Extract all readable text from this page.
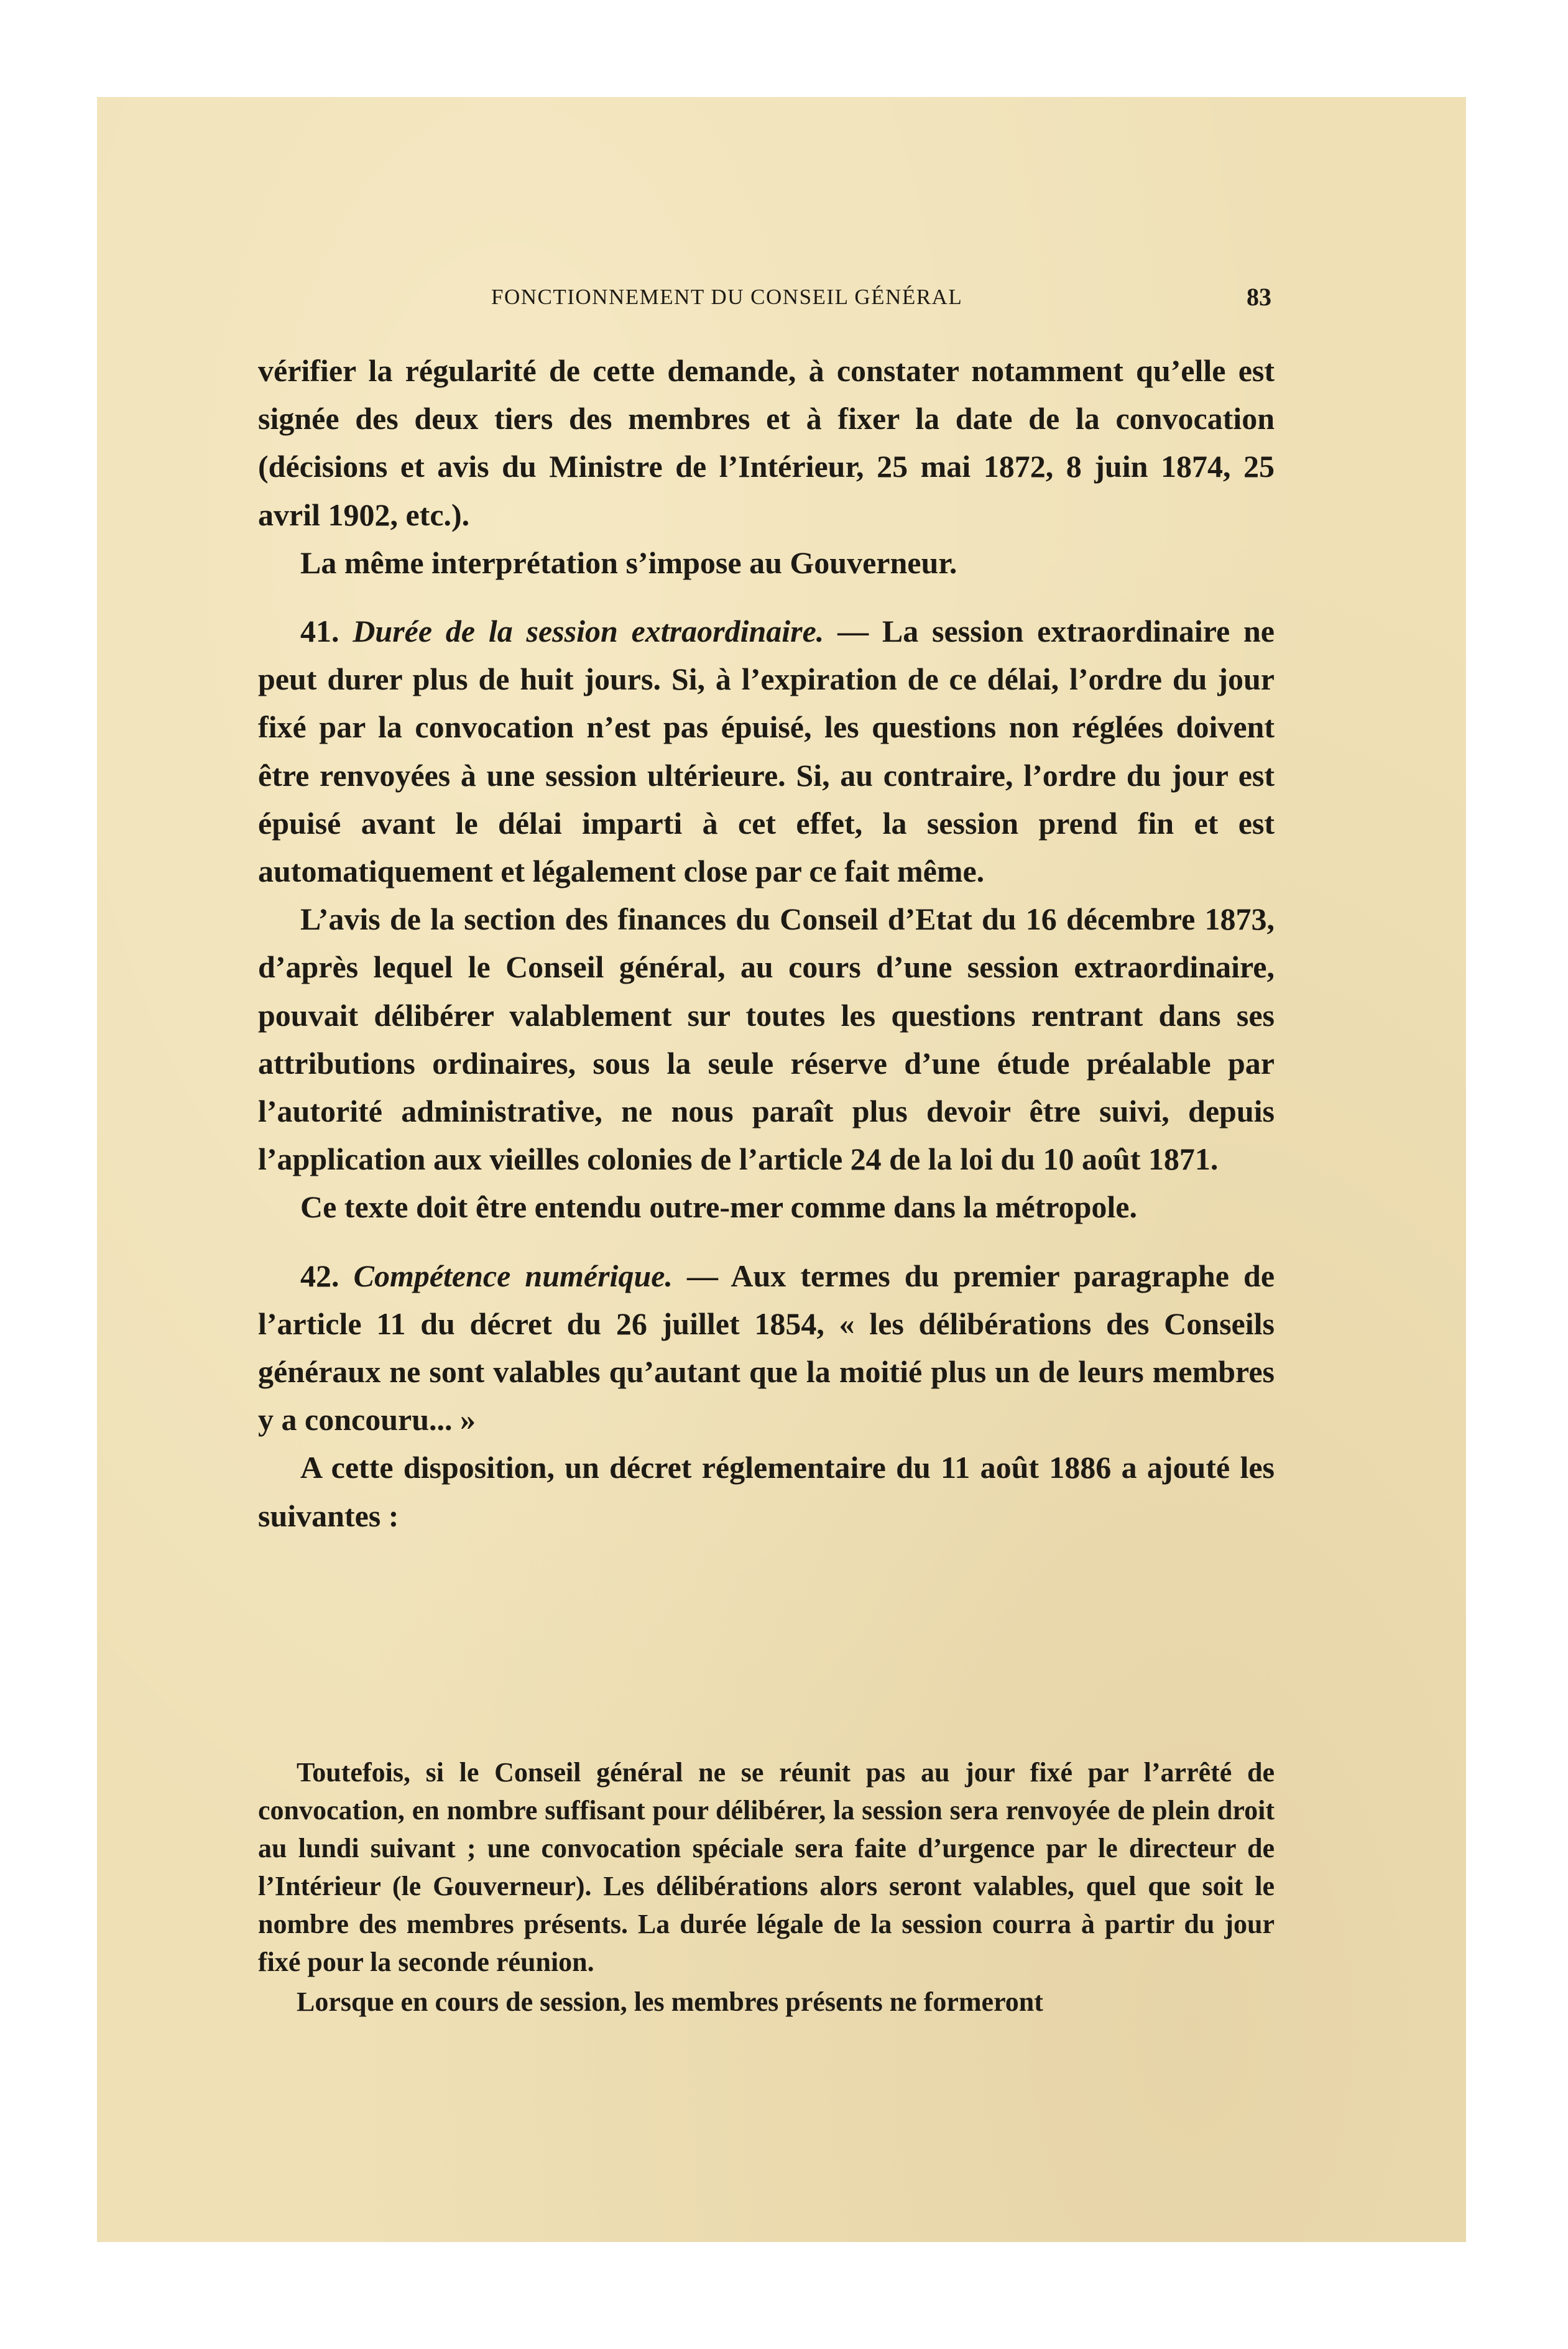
FONCTIONNEMENT DU CONSEIL GÉNÉRAL	83

vérifier la régularité de cette demande, à constater notamment qu’elle est signée des deux tiers des membres et à fixer la date de la convocation (décisions et avis du Ministre de l’Intérieur, 25 mai 1872, 8 juin 1874, 25 avril 1902, etc.).

La même interprétation s’impose au Gouverneur.

41. Durée de la session extraordinaire. — La session extraordinaire ne peut durer plus de huit jours. Si, à l’expiration de ce délai, l’ordre du jour fixé par la convocation n’est pas épuisé, les questions non réglées doivent être renvoyées à une session ultérieure. Si, au contraire, l’ordre du jour est épuisé avant le délai imparti à cet effet, la session prend fin et est automatiquement et légalement close par ce fait même.

L’avis de la section des finances du Conseil d’Etat du 16 décembre 1873, d’après lequel le Conseil général, au cours d’une session extraordinaire, pouvait délibérer valablement sur toutes les questions rentrant dans ses attributions ordinaires, sous la seule réserve d’une étude préalable par l’autorité administrative, ne nous paraît plus devoir être suivi, depuis l’application aux vieilles colonies de l’article 24 de la loi du 10 août 1871.

Ce texte doit être entendu outre-mer comme dans la métropole.

42. Compétence numérique. — Aux termes du premier paragraphe de l’article 11 du décret du 26 juillet 1854, « les délibérations des Conseils généraux ne sont valables qu’autant que la moitié plus un de leurs membres y a concouru... »

A cette disposition, un décret réglementaire du 11 août 1886 a ajouté les suivantes :

Toutefois, si le Conseil général ne se réunit pas au jour fixé par l’arrêté de convocation, en nombre suffisant pour délibérer, la session sera renvoyée de plein droit au lundi suivant ; une convocation spéciale sera faite d’urgence par le directeur de l’Intérieur (le Gouverneur). Les délibérations alors seront valables, quel que soit le nombre des membres présents. La durée légale de la session courra à partir du jour fixé pour la seconde réunion.

Lorsque en cours de session, les membres présents ne formeront
